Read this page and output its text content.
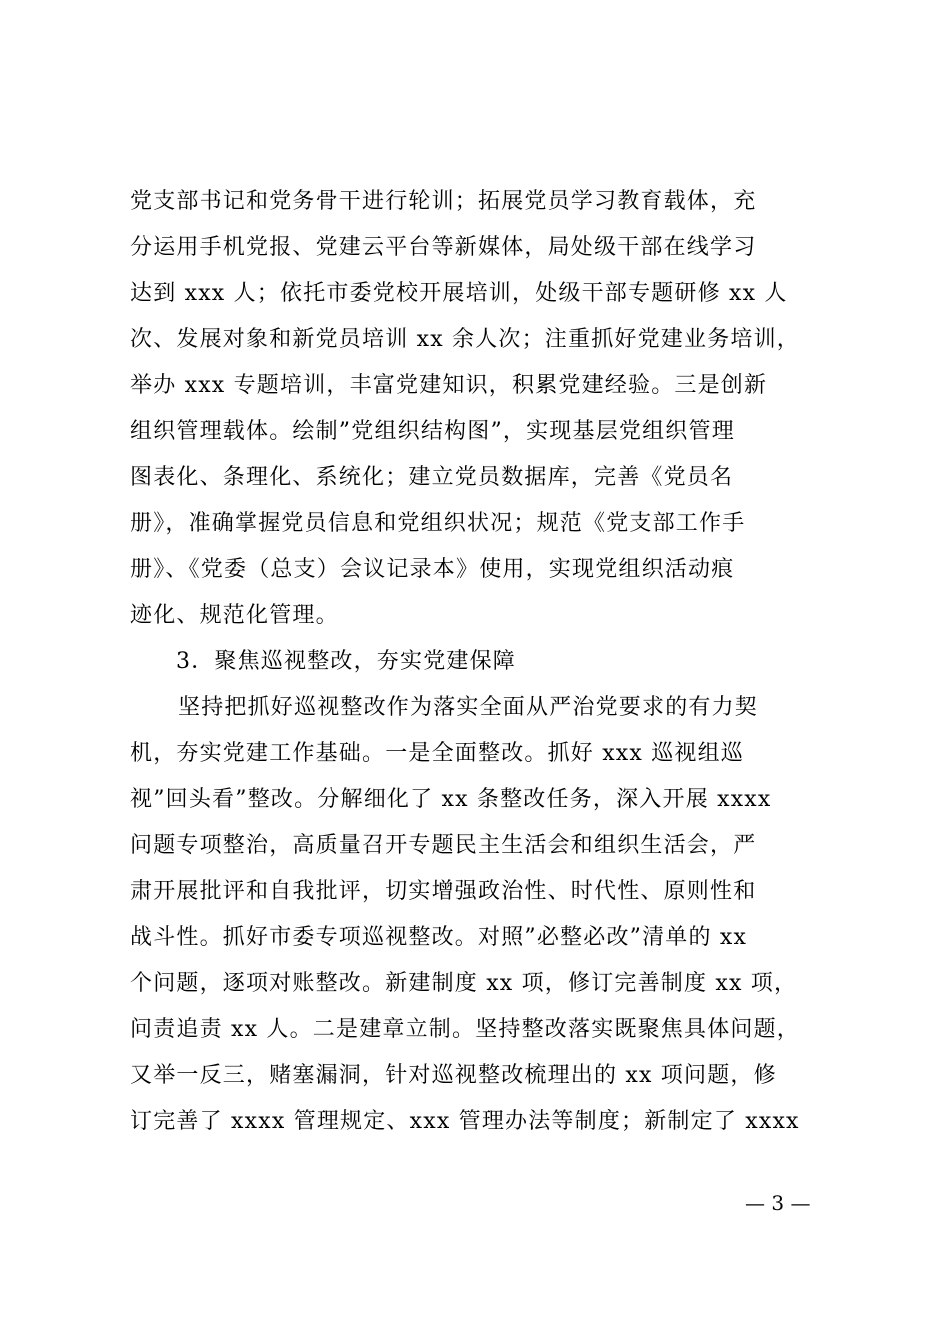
党支部书记和党务骨干进行轮训；拓展党员学习教育载体，充
分运用手机党报、党建云平台等新媒体，局处级干部在线学习
达到 xxx 人；依托市委党校开展培训，处级干部专题研修 xx 人
次、发展对象和新党员培训 xx 余人次；注重抓好党建业务培训，
举办 xxx 专题培训，丰富党建知识，积累党建经验。三是创新
组织管理载体。绘制”党组织结构图”，实现基层党组织管理
图表化、条理化、系统化；建立党员数据库，完善《党员名
册》，准确掌握党员信息和党组织状况；规范《党支部工作手
册》、《党委（总支）会议记录本》使用，实现党组织活动痕
迹化、规范化管理。
3．聚焦巡视整改，夯实党建保障
坚持把抓好巡视整改作为落实全面从严治党要求的有力契
机，夯实党建工作基础。一是全面整改。抓好 xxx 巡视组巡
视”回头看”整改。分解细化了 xx 条整改任务，深入开展 xxxx
问题专项整治，高质量召开专题民主生活会和组织生活会，严
肃开展批评和自我批评，切实增强政治性、时代性、原则性和
战斗性。抓好市委专项巡视整改。对照”必整必改”清单的 xx
个问题，逐项对账整改。新建制度 xx 项，修订完善制度 xx 项，
问责追责 xx 人。二是建章立制。坚持整改落实既聚焦具体问题，
又举一反三，赌塞漏洞，针对巡视整改梳理出的 xx 项问题，修
订完善了 xxxx 管理规定、xxx 管理办法等制度；新制定了 xxxx
— 3 —
